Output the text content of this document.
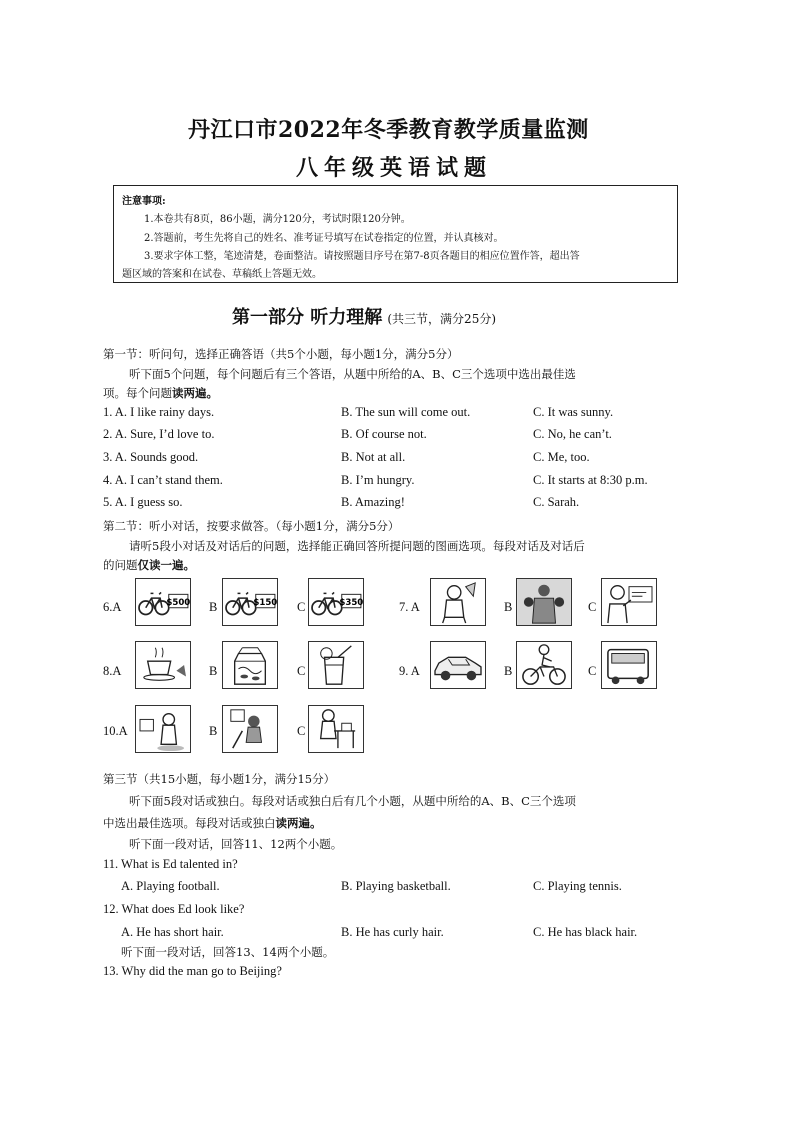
丹江口市2022年冬季教育教学质量监测
八年级英语试题
注意事项:
1.本卷共有8页，86小题，满分120分，考试时限120分钟。
2.答题前，考生先将自己的姓名、准考证号填写在试卷指定的位置，并认真核对。
3.要求字体工整，笔迹清楚，卷面整洁。请按照题目序号在第7-8页各题目的相应位置作答，超出答
题区域的答案和在试卷、草稿纸上答题无效。
第一部分 听力理解 (共三节，满分25分)
第一节：听问句，选择正确答语（共5个小题，每小题1分，满分5分）
听下面5个问题，每个问题后有三个答语，从题中所给的A、B、C三个选项中选出最佳选
项。每个问题读两遍。
1. A. I like rainy days.	B. The sun will come out.	C. It was sunny.
2. A. Sure, I’d love to.	B. Of course not.	C. No, he can’t.
3. A. Sounds good.	B. Not at all.	C. Me, too.
4. A. I can’t stand them.	B. I’m hungry.	C. It starts at 8:30 p.m.
5. A. I guess so.	B. Amazing!	C. Sarah.
第二节：听小对话，按要求做答。（每小题1分，满分5分）
请听5段小对话及对话后的问题，选择能正确回答所提问题的图画选项。每段对话及对话后
的问题仅读一遍。
6.A	$500 B	$150 C	$350	7. A	B	C
8.A	B	C	9. A	B	C
10.A	B	C
第三节（共15小题，每小题1分，满分15分）
听下面5段对话或独白。每段对话或独白后有几个小题，从题中所给的A、B、C三个选项
中选出最佳选项。每段对话或独白读两遍。
听下面一段对话，回答11、12两个小题。
11. What is Ed talented in?
A. Playing football.	B. Playing basketball.	C. Playing tennis.
12. What does Ed look like?
A. He has short hair.	B. He has curly hair.	C. He has black hair.
听下面一段对话，回答13、14两个小题。
13. Why did the man go to Beijing?
